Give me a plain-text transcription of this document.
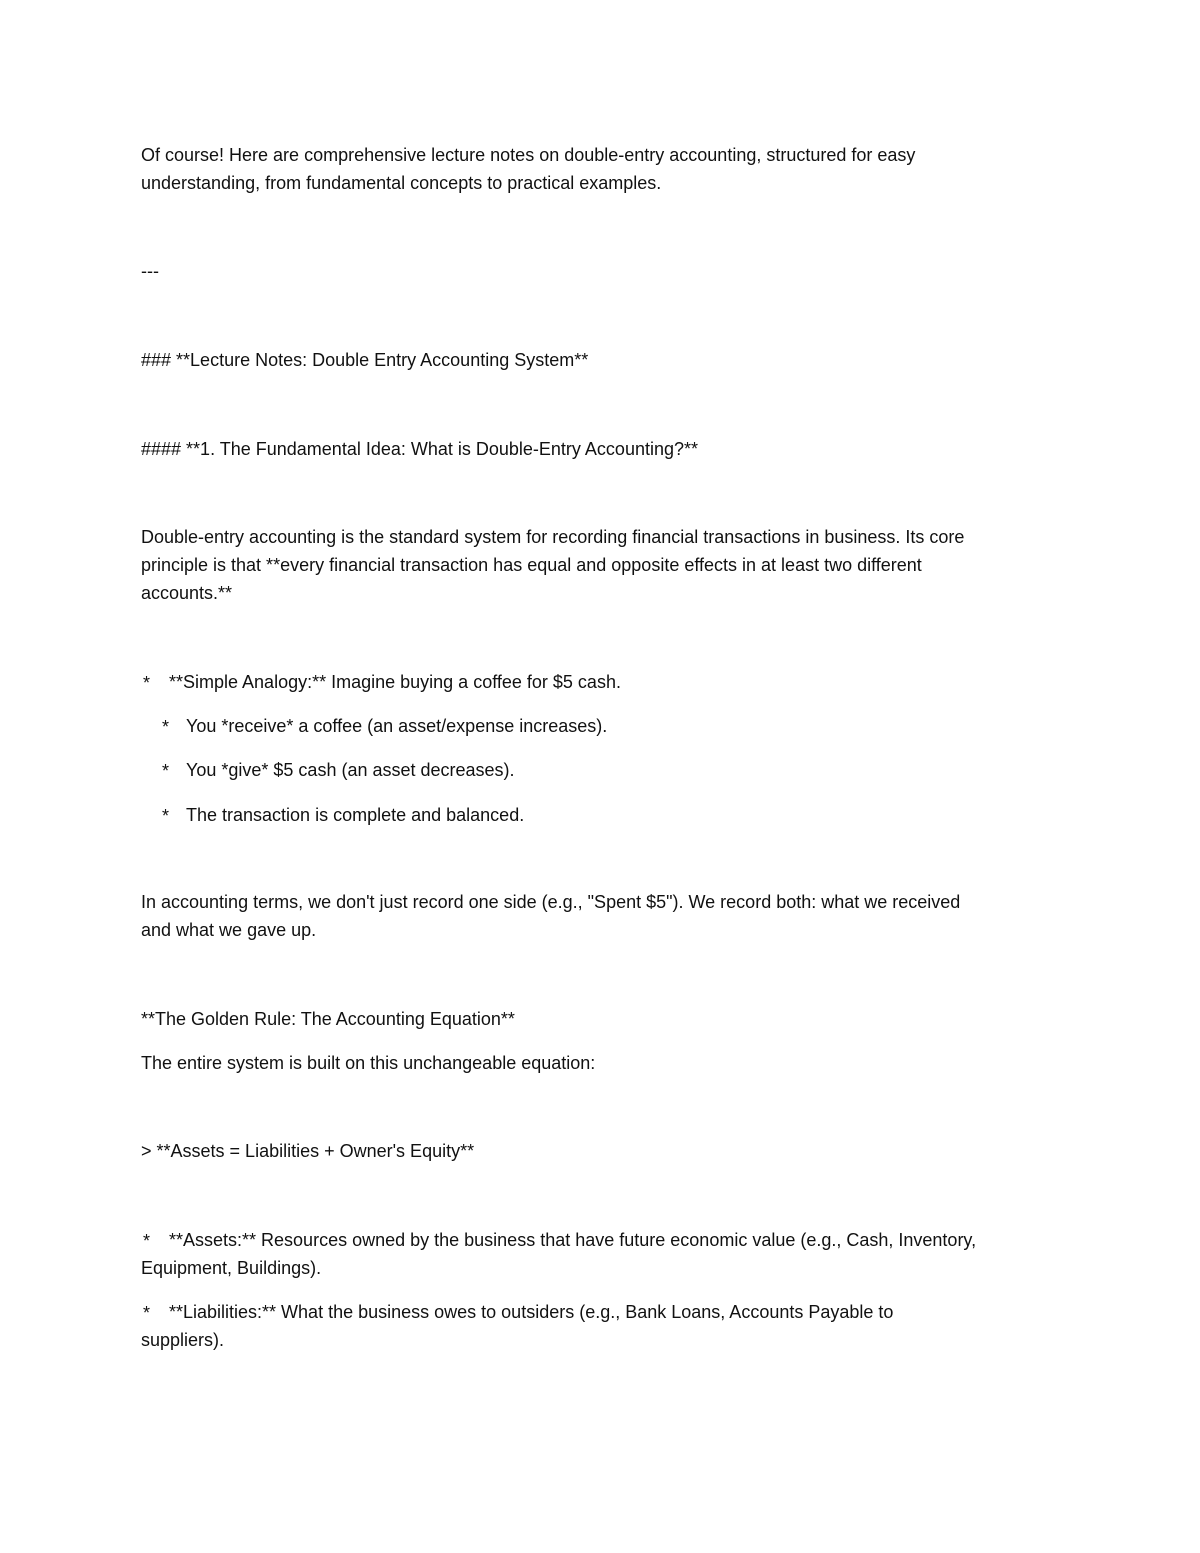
Of course! Here are comprehensive lecture notes on double-entry accounting, structured for easy
understanding, from fundamental concepts to practical examples.
---
### **Lecture Notes: Double Entry Accounting System**
#### **1. The Fundamental Idea: What is Double-Entry Accounting?**
Double-entry accounting is the standard system for recording financial transactions in business. Its core
principle is that **every financial transaction has equal and opposite effects in at least two different
accounts.**
* **Simple Analogy:** Imagine buying a coffee for $5 cash.
* You *receive* a coffee (an asset/expense increases).
* You *give* $5 cash (an asset decreases).
* The transaction is complete and balanced.
In accounting terms, we don't just record one side (e.g., "Spent $5"). We record both: what we received
and what we gave up.
**The Golden Rule: The Accounting Equation**
The entire system is built on this unchangeable equation:
> **Assets = Liabilities + Owner's Equity**
* **Assets:** Resources owned by the business that have future economic value (e.g., Cash, Inventory,
Equipment, Buildings).
* **Liabilities:** What the business owes to outsiders (e.g., Bank Loans, Accounts Payable to
suppliers).
